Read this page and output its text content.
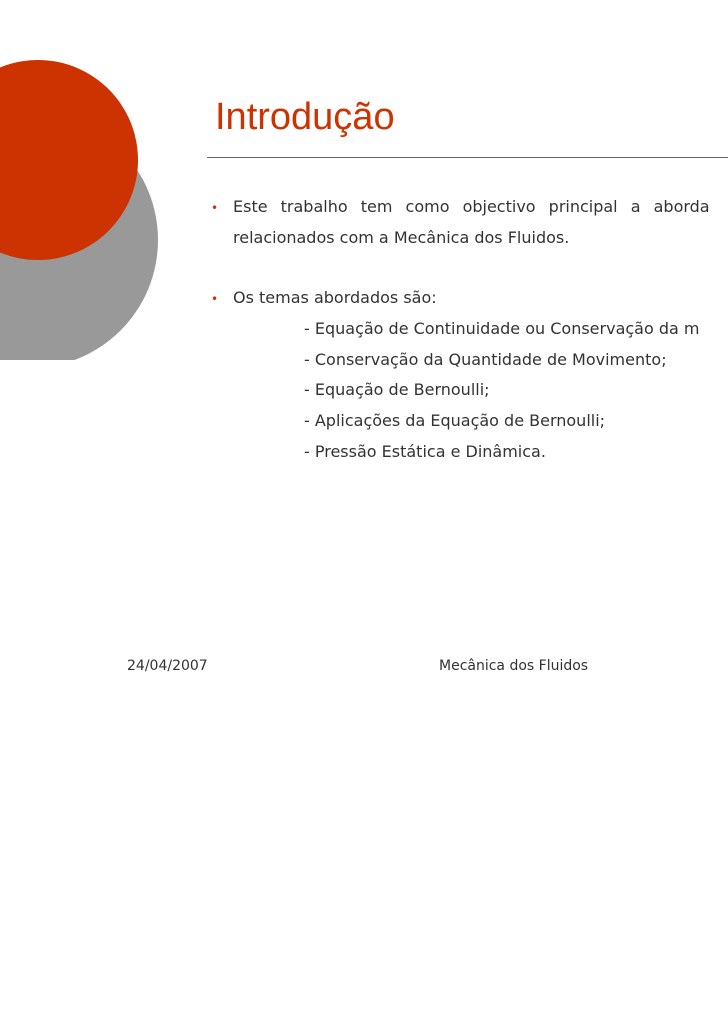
Introdução
• Este trabalho tem como objectivo principal a aborda
relacionados com a Mecânica dos Fluidos.
• Os temas abordados são:
- Equação de Continuidade ou Conservação da m
- Conservação da Quantidade de Movimento;
- Equação de Bernoulli;
- Aplicações da Equação de Bernoulli;
- Pressão Estática e Dinâmica.
24/04/2007	Mecânica dos Fluidos
